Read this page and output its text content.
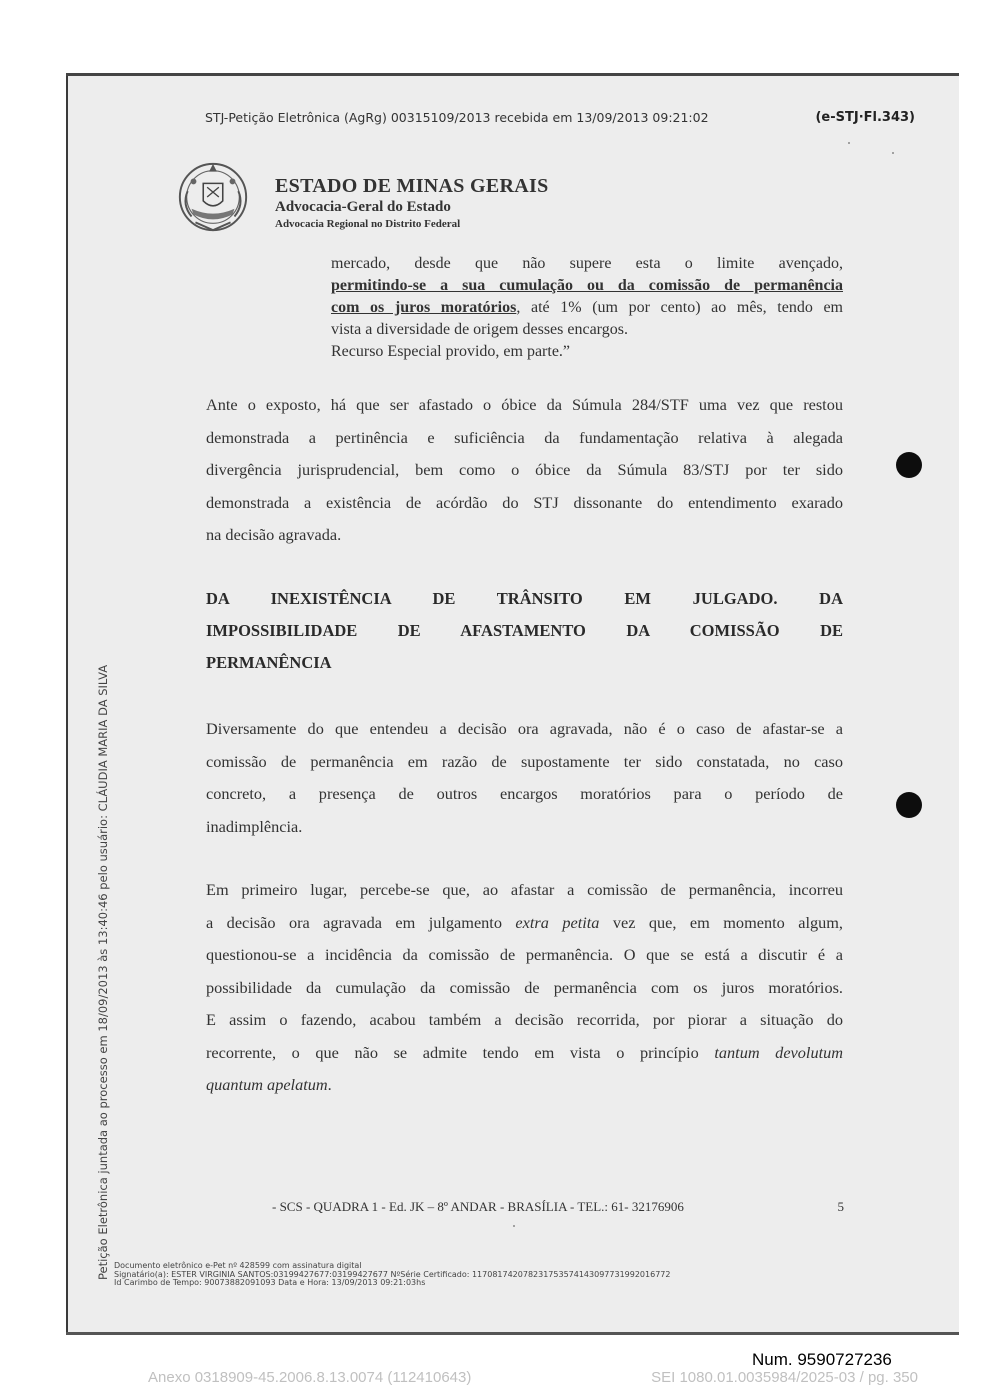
STJ-Petição Eletrônica (AgRg) 00315109/2013 recebida em 13/09/2013 09:21:02	(e-STJ·Fl.343)
ESTADO DE MINAS GERAIS
Advocacia-Geral do Estado
Advocacia Regional no Distrito Federal
mercado, desde que não supere esta o limite avençado,
permitindo-se a sua cumulação ou da comissão de permanência
com os juros moratórios, até 1% (um por cento) ao mês, tendo em
vista a diversidade de origem desses encargos.
Recurso Especial provido, em parte.”
Ante o exposto, há que ser afastado o óbice da Súmula 284/STF uma vez que restou
demonstrada a pertinência e suficiência da fundamentação relativa à alegada
divergência jurisprudencial, bem como o óbice da Súmula 83/STJ por ter sido
demonstrada a existência de acórdão do STJ dissonante do entendimento exarado
na decisão agravada.
DA INEXISTÊNCIA DE TRÂNSITO EM JULGADO. DA
IMPOSSIBILIDADE DE AFASTAMENTO DA COMISSÃO DE
PERMANÊNCIA
Diversamente do que entendeu a decisão ora agravada, não é o caso de afastar-se a
comissão de permanência em razão de supostamente ter sido constatada, no caso
concreto, a presença de outros encargos moratórios para o período de
inadimplência.
Em primeiro lugar, percebe-se que, ao afastar a comissão de permanência, incorreu
a decisão ora agravada em julgamento extra petita vez que, em momento algum,
questionou-se a incidência da comissão de permanência. O que se está a discutir é a
possibilidade da cumulação da comissão de permanência com os juros moratórios.
E assim o fazendo, acabou também a decisão recorrida, por piorar a situação do
recorrente, o que não se admite tendo em vista o princípio tantum devolutum
quantum apelatum.
- SCS - QUADRA 1 - Ed. JK – 8º ANDAR - BRASÍLIA - TEL.: 61- 32176906	5
Petição Eletrônica juntada ao processo em 18/09/2013 às 13:40:46 pelo usuário: CLÁUDIA MARIA DA SILVA Documento eletrônico e-Pet nº 428599 com assinatura digital
Signatário(a): ESTER VIRGINIA SANTOS:03199427677:03199427677 NºSérie Certificado: 117081742078231753574143097731992016772
Id Carimbo de Tempo: 90073882091093 Data e Hora: 13/09/2013 09:21:03hs
Num. 9590727236
Anexo 0318909-45.2006.8.13.0074 (112410643)	SEI 1080.01.0035984/2025-03 / pg. 350
